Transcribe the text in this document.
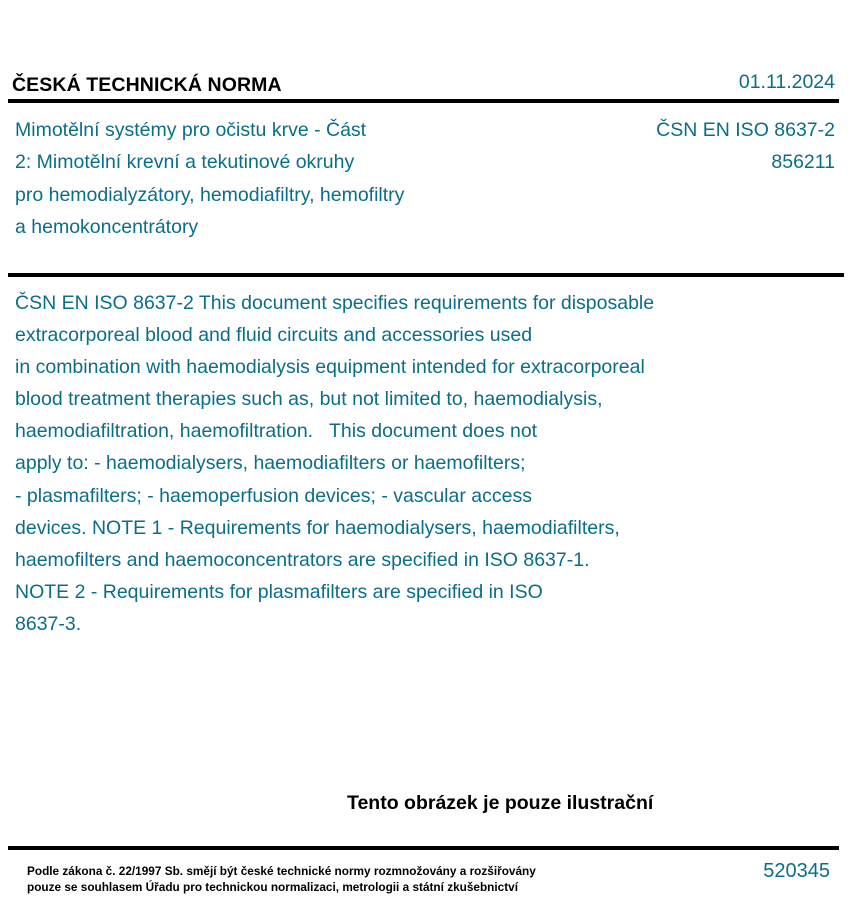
ČESKÁ TECHNICKÁ NORMA	01.11.2024
Mimotělní systémy pro očistu krve - Část
2: Mimotělní krevní a tekutinové okruhy
pro hemodialyzátory, hemodiafiltry, hemofiltry
a hemokoncentrátory
ČSN EN ISO 8637-2
856211
ČSN EN ISO 8637-2 This document specifies requirements for disposable
extracorporeal blood and fluid circuits and accessories used
in combination with haemodialysis equipment intended for extracorporeal
blood treatment therapies such as, but not limited to, haemodialysis,
haemodiafiltration, haemofiltration.   This document does not
apply to: - haemodialysers, haemodiafilters or haemofilters;
- plasmafilters; - haemoperfusion devices; - vascular access
devices. NOTE 1 - Requirements for haemodialysers, haemodiafilters,
haemofilters and haemoconcentrators are specified in ISO 8637-1.
NOTE 2 - Requirements for plasmafilters are specified in ISO
8637-3.
Tento obrázek je pouze ilustrační
Podle zákona č. 22/1997 Sb. smějí být české technické normy rozmnožovány a rozšiřovány
pouze se souhlasem Úřadu pro technickou normalizaci, metrologii a státní zkušebnictví
520345
